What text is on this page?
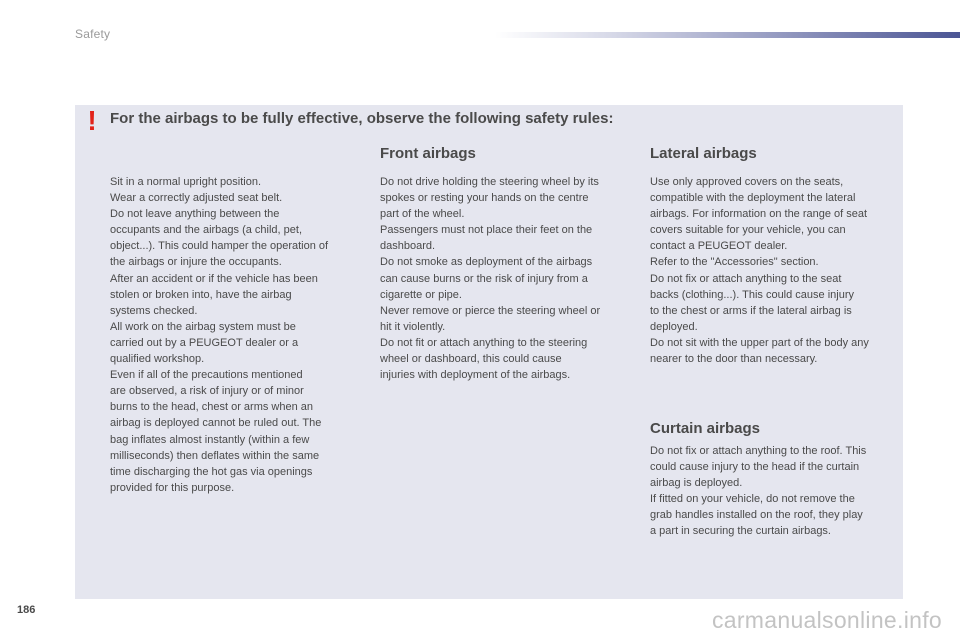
Safety
! For the airbags to be fully effective, observe the following safety rules:

Sit in a normal upright position.
Wear a correctly adjusted seat belt.
Do not leave anything between the
occupants and the airbags (a child, pet,
object...). This could hamper the operation of
the airbags or injure the occupants.
After an accident or if the vehicle has been
stolen or broken into, have the airbag
systems checked.
All work on the airbag system must be
carried out by a PEUGEOT dealer or a
qualified workshop.
Even if all of the precautions mentioned
are observed, a risk of injury or of minor
burns to the head, chest or arms when an
airbag is deployed cannot be ruled out. The
bag inflates almost instantly (within a few
milliseconds) then deflates within the same
time discharging the hot gas via openings
provided for this purpose.

Front airbags

Do not drive holding the steering wheel by its
spokes or resting your hands on the centre
part of the wheel.
Passengers must not place their feet on the
dashboard.
Do not smoke as deployment of the airbags
can cause burns or the risk of injury from a
cigarette or pipe.
Never remove or pierce the steering wheel or
hit it violently.
Do not fit or attach anything to the steering
wheel or dashboard, this could cause
injuries with deployment of the airbags.

Lateral airbags

Use only approved covers on the seats,
compatible with the deployment the lateral
airbags. For information on the range of seat
covers suitable for your vehicle, you can
contact a PEUGEOT dealer.
Refer to the "Accessories" section.
Do not fix or attach anything to the seat
backs (clothing...). This could cause injury
to the chest or arms if the lateral airbag is
deployed.
Do not sit with the upper part of the body any
nearer to the door than necessary.

Curtain airbags

Do not fix or attach anything to the roof. This
could cause injury to the head if the curtain
airbag is deployed.
If fitted on your vehicle, do not remove the
grab handles installed on the roof, they play
a part in securing the curtain airbags.

186	carmanualsonline.info
